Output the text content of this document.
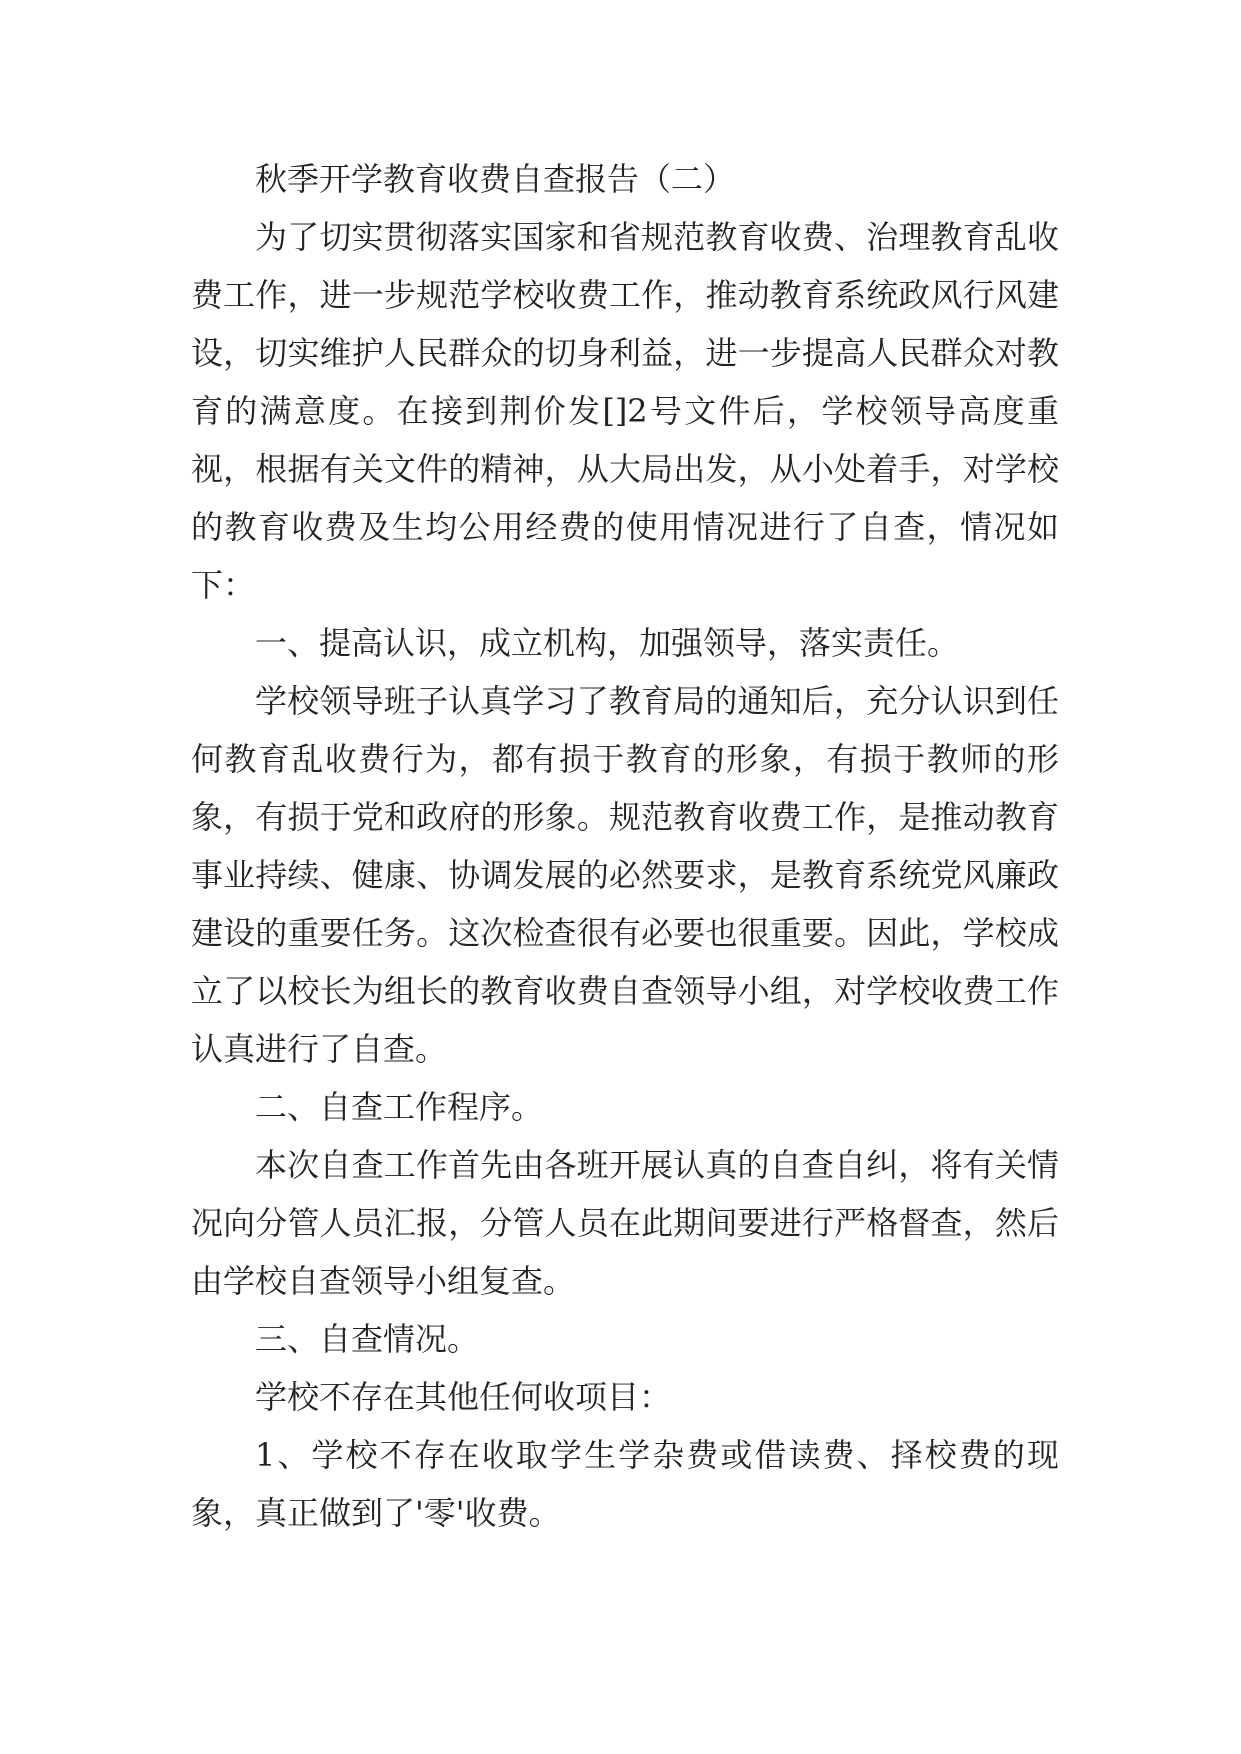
秋季开学教育收费自查报告（二）

为了切实贯彻落实国家和省规范教育收费、治理教育乱收费工作，进一步规范学校收费工作，推动教育系统政风行风建设，切实维护人民群众的切身利益，进一步提高人民群众对教育的满意度。在接到荆价发[]2号文件后，学校领导高度重视，根据有关文件的精神，从大局出发，从小处着手，对学校的教育收费及生均公用经费的使用情况进行了自查，情况如下：

一、提高认识，成立机构，加强领导，落实责任。

学校领导班子认真学习了教育局的通知后，充分认识到任何教育乱收费行为，都有损于教育的形象，有损于教师的形象，有损于党和政府的形象。规范教育收费工作，是推动教育事业持续、健康、协调发展的必然要求，是教育系统党风廉政建设的重要任务。这次检查很有必要也很重要。因此，学校成立了以校长为组长的教育收费自查领导小组，对学校收费工作认真进行了自查。

二、自查工作程序。

本次自查工作首先由各班开展认真的自查自纠，将有关情况向分管人员汇报，分管人员在此期间要进行严格督查，然后由学校自查领导小组复查。

三、自查情况。

学校不存在其他任何收项目：

1、学校不存在收取学生学杂费或借读费、择校费的现象，真正做到了'零'收费。
